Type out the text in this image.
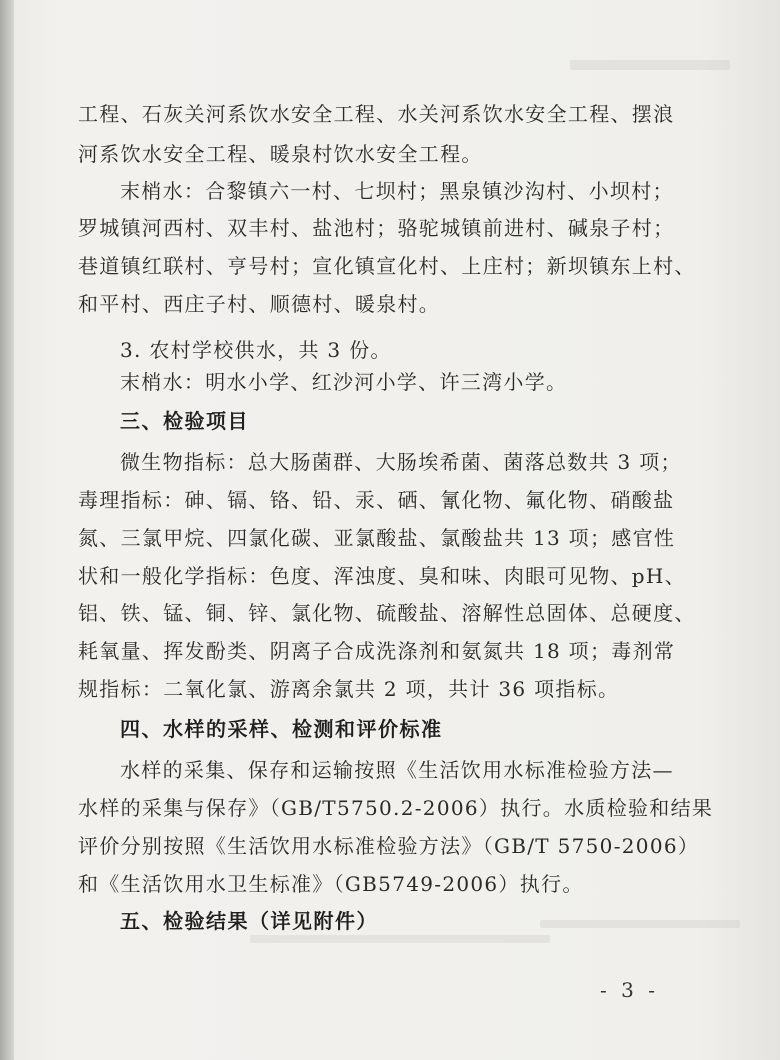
工程、石灰关河系饮水安全工程、水关河系饮水安全工程、摆浪
河系饮水安全工程、暖泉村饮水安全工程。
末梢水：合黎镇六一村、七坝村；黑泉镇沙沟村、小坝村；
罗城镇河西村、双丰村、盐池村；骆驼城镇前进村、碱泉子村；
巷道镇红联村、亨号村；宣化镇宣化村、上庄村；新坝镇东上村、
和平村、西庄子村、顺德村、暖泉村。
3. 农村学校供水，共 3 份。
末梢水：明水小学、红沙河小学、许三湾小学。
三、检验项目
微生物指标：总大肠菌群、大肠埃希菌、菌落总数共 3 项；
毒理指标：砷、镉、铬、铅、汞、硒、氰化物、氟化物、硝酸盐
氮、三氯甲烷、四氯化碳、亚氯酸盐、氯酸盐共 13 项；感官性
状和一般化学指标：色度、浑浊度、臭和味、肉眼可见物、pH、
铝、铁、锰、铜、锌、氯化物、硫酸盐、溶解性总固体、总硬度、
耗氧量、挥发酚类、阴离子合成洗涤剂和氨氮共 18 项；毒剂常
规指标：二氧化氯、游离余氯共 2 项，共计 36 项指标。
四、水样的采样、检测和评价标准
水样的采集、保存和运输按照《生活饮用水标准检验方法—
水样的采集与保存》（GB/T5750.2-2006）执行。水质检验和结果
评价分别按照《生活饮用水标准检验方法》（GB/T 5750-2006）
和《生活饮用水卫生标准》（GB5749-2006）执行。
五、检验结果（详见附件）
- 3 -
